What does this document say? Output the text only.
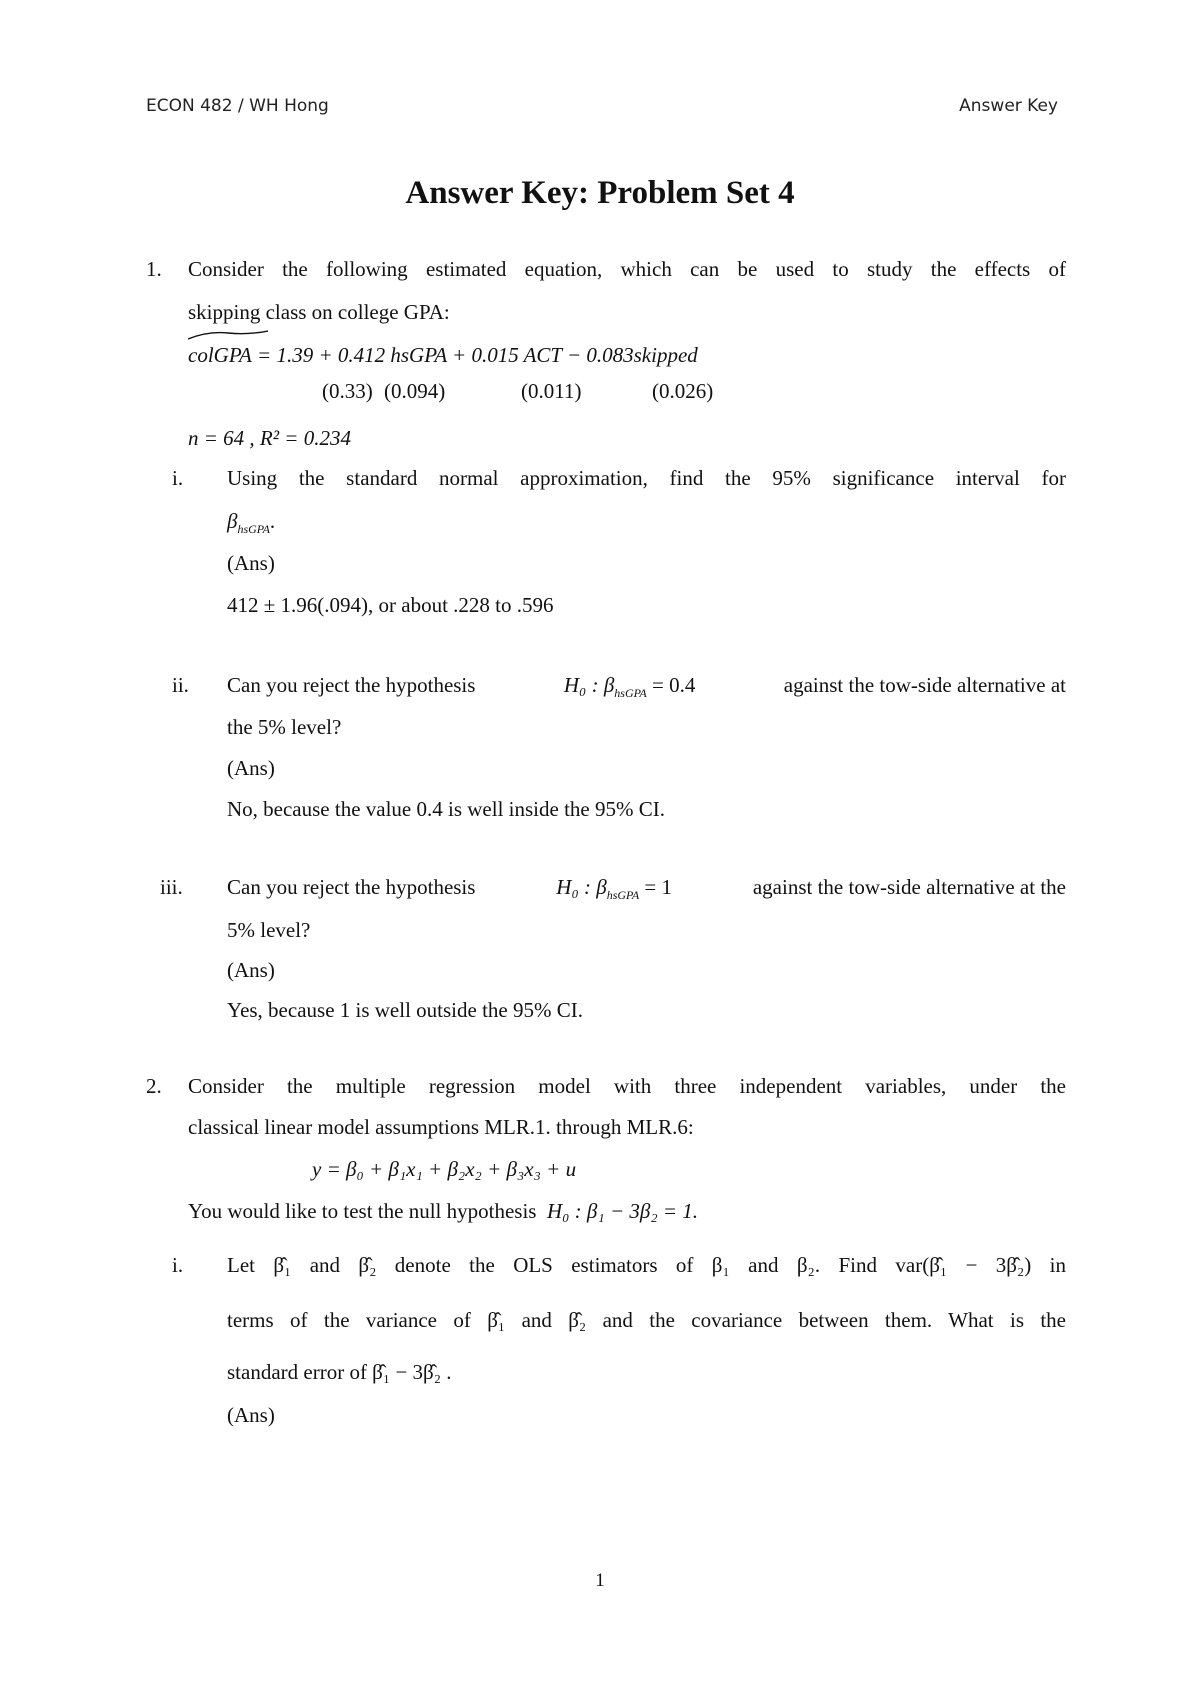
ECON 482 / WH Hong	Answer Key
Answer Key: Problem Set 4
1. Consider the following estimated equation, which can be used to study the effects of
skipping class on college GPA:
colGPA = 1.39 + 0.412 hsGPA + 0.015 ACT − 0.083skipped
(0.33) (0.094)	(0.011)	(0.026)
n = 64 , R² = 0.234
i. Using the standard normal approximation, find the 95% significance interval for
$\beta_{hsGPA}$.
(Ans)
412 ± 1.96(.094), or about .228 to .596
ii. Can you reject the hypothesis	H₀ : $\beta_{hsGPA} = 0.4$	against the tow-side alternative at
the 5% level?
(Ans)
No, because the value 0.4 is well inside the 95% CI.
iii. Can you reject the hypothesis	H₀ : $\beta_{hsGPA} = 1$	against the tow-side alternative at the
5% level?
(Ans)
Yes, because 1 is well outside the 95% CI.
2. Consider the multiple regression model with three independent variables, under the
classical linear model assumptions MLR.1. through MLR.6:
y = β₀ + β₁x₁ + β₂x₂ + β₃x₃ + u
You would like to test the null hypothesis H₀ : β₁ − 3β₂ = 1.
i. Let β̂₁ and β̂₂ denote the OLS estimators of β₁ and β₂. Find var(β̂₁ − 3β̂₂) in
terms of the variance of β̂₁ and β̂₂ and the covariance between them. What is the
standard error of β̂₁ − 3β̂₂ .
(Ans)
1
